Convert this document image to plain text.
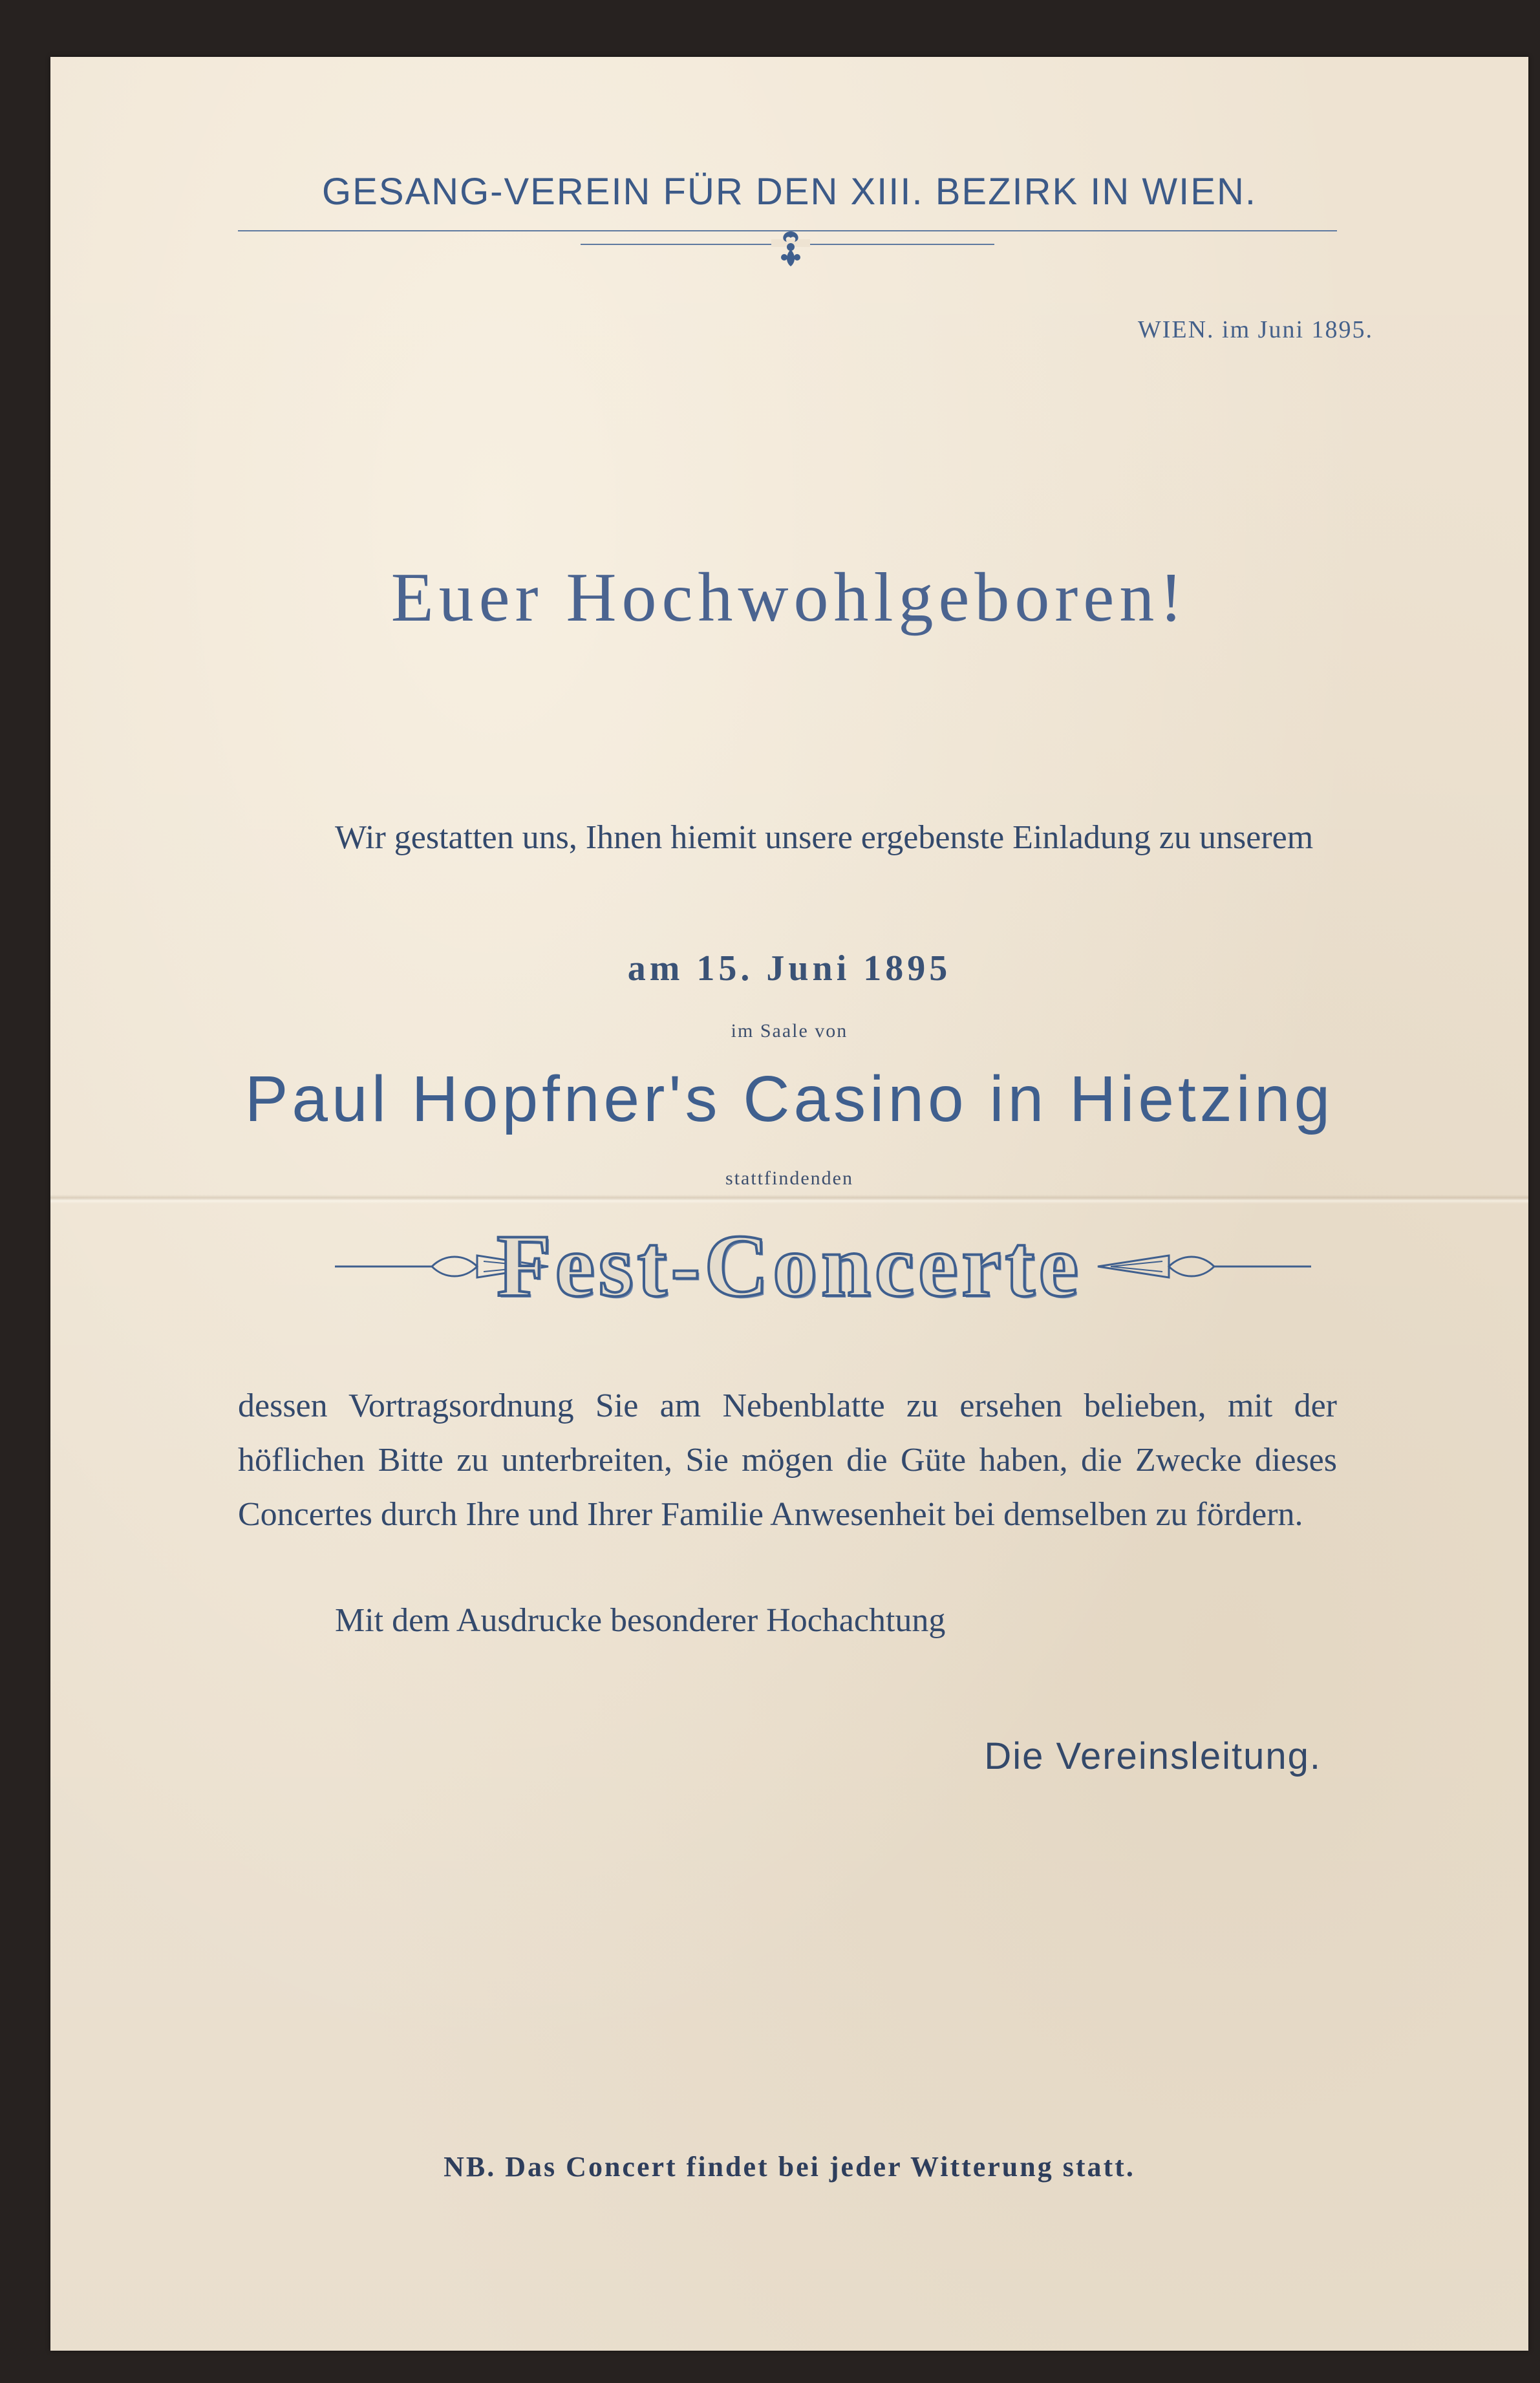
GESANG-VEREIN FÜR DEN XIII. BEZIRK IN WIEN.
WIEN. im Juni 1895.
Euer Hochwohlgeboren!
Wir gestatten uns, Ihnen hiemit unsere ergebenste Einladung zu unserem
am 15. Juni 1895
im Saale von
Paul Hopfner's Casino in Hietzing
stattfindenden
Fest-Concerte

dessen Vortragsordnung Sie am Nebenblatte zu ersehen belieben, mit der höflichen Bitte zu unterbreiten, Sie mögen die Güte haben, die Zwecke dieses Concertes durch Ihre und Ihrer Familie Anwesenheit bei demselben zu fördern.

Mit dem Ausdrucke besonderer Hochachtung
Die Vereinsleitung.
NB. Das Concert findet bei jeder Witterung statt.
